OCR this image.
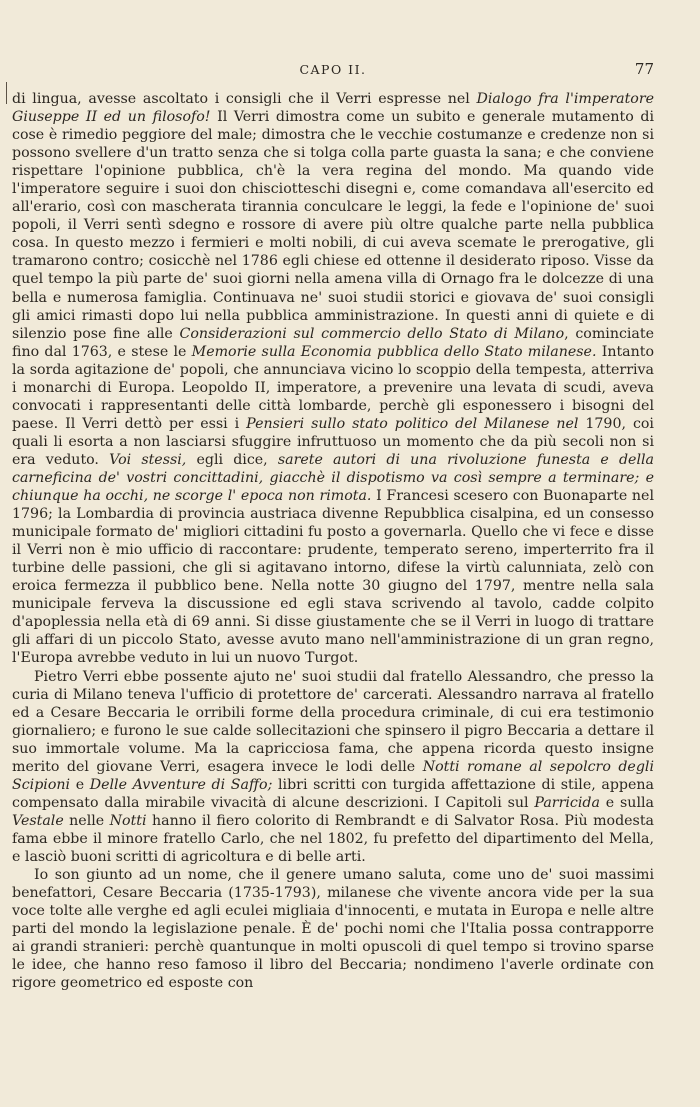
CAPO II.	77

di lingua, avesse ascoltato i consigli che il Verri espresse nel Dialogo fra l'imperatore Giuseppe II ed un filosofo! Il Verri dimostra come un subito e generale mutamento di cose è rimedio peggiore del male; dimostra che le vecchie costumanze e credenze non si possono svellere d'un tratto senza che si tolga colla parte guasta la sana; e che conviene rispettare l'opinione pubblica, ch'è la vera regina del mondo. Ma quando vide l'imperatore seguire i suoi don chisciotteschi disegni e, come comandava all'esercito ed all'erario, così con mascherata tirannia conculcare le leggi, la fede e l'opinione de' suoi popoli, il Verri sentì sdegno e rossore di avere più oltre qualche parte nella pubblica cosa. In questo mezzo i fermieri e molti nobili, di cui aveva scemate le prerogative, gli tramarono contro; cosicchè nel 1786 egli chiese ed ottenne il desiderato riposo. Visse da quel tempo la più parte de' suoi giorni nella amena villa di Ornago fra le dolcezze di una bella e numerosa famiglia. Continuava ne' suoi studii storici e giovava de' suoi consigli gli amici rimasti dopo lui nella pubblica amministrazione. In questi anni di quiete e di silenzio pose fine alle Considerazioni sul commercio dello Stato di Milano, cominciate fino dal 1763, e stese le Memorie sulla Economia pubblica dello Stato milanese. Intanto la sorda agitazione de' popoli, che annunciava vicino lo scoppio della tempesta, atterriva i monarchi di Europa. Leopoldo II, imperatore, a prevenire una levata di scudi, aveva convocati i rappresentanti delle città lombarde, perchè gli esponessero i bisogni del paese. Il Verri dettò per essi i Pensieri sullo stato politico del Milanese nel 1790, coi quali li esorta a non lasciarsi sfuggire infruttuoso un momento che da più secoli non si era veduto. Voi stessi, egli dice, sarete autori di una rivoluzione funesta e della carneficina de' vostri concittadini, giacchè il dispotismo va così sempre a terminare; e chiunque ha occhi, ne scorge l' epoca non rimota. I Francesi scesero con Buonaparte nel 1796; la Lombardia di provincia austriaca divenne Repubblica cisalpina, ed un consesso municipale formato de' migliori cittadini fu posto a governarla. Quello che vi fece e disse il Verri non è mio ufficio di raccontare: prudente, temperato sereno, imperterrito fra il turbine delle passioni, che gli si agitavano intorno, difese la virtù calunniata, zelò con eroica fermezza il pubblico bene. Nella notte 30 giugno del 1797, mentre nella sala municipale ferveva la discussione ed egli stava scrivendo al tavolo, cadde colpito d'apoplessia nella età di 69 anni. Si disse giustamente che se il Verri in luogo di trattare gli affari di un piccolo Stato, avesse avuto mano nell'amministrazione di un gran regno, l'Europa avrebbe veduto in lui un nuovo Turgot.

Pietro Verri ebbe possente ajuto ne' suoi studii dal fratello Alessandro, che presso la curia di Milano teneva l'ufficio di protettore de' carcerati. Alessandro narrava al fratello ed a Cesare Beccaria le orribili forme della procedura criminale, di cui era testimonio giornaliero; e furono le sue calde sollecitazioni che spinsero il pigro Beccaria a dettare il suo immortale volume. Ma la capricciosa fama, che appena ricorda questo insigne merito del giovane Verri, esagera invece le lodi delle Notti romane al sepolcro degli Scipioni e Delle Avventure di Saffo; libri scritti con turgida affettazione di stile, appena compensato dalla mirabile vivacità di alcune descrizioni. I Capitoli sul Parricida e sulla Vestale nelle Notti hanno il fiero colorito di Rembrandt e di Salvator Rosa. Più modesta fama ebbe il minore fratello Carlo, che nel 1802, fu prefetto del dipartimento del Mella, e lasciò buoni scritti di agricoltura e di belle arti.

Io son giunto ad un nome, che il genere umano saluta, come uno de' suoi massimi benefattori, Cesare Beccaria (1735-1793), milanese che vivente ancora vide per la sua voce tolte alle verghe ed agli eculei migliaia d'innocenti, e mutata in Europa e nelle altre parti del mondo la legislazione penale. È de' pochi nomi che l'Italia possa contrapporre ai grandi stranieri: perchè quantunque in molti opuscoli di quel tempo si trovino sparse le idee, che hanno reso famoso il libro del Beccaria; nondimeno l'averle ordinate con rigore geometrico ed esposte con
